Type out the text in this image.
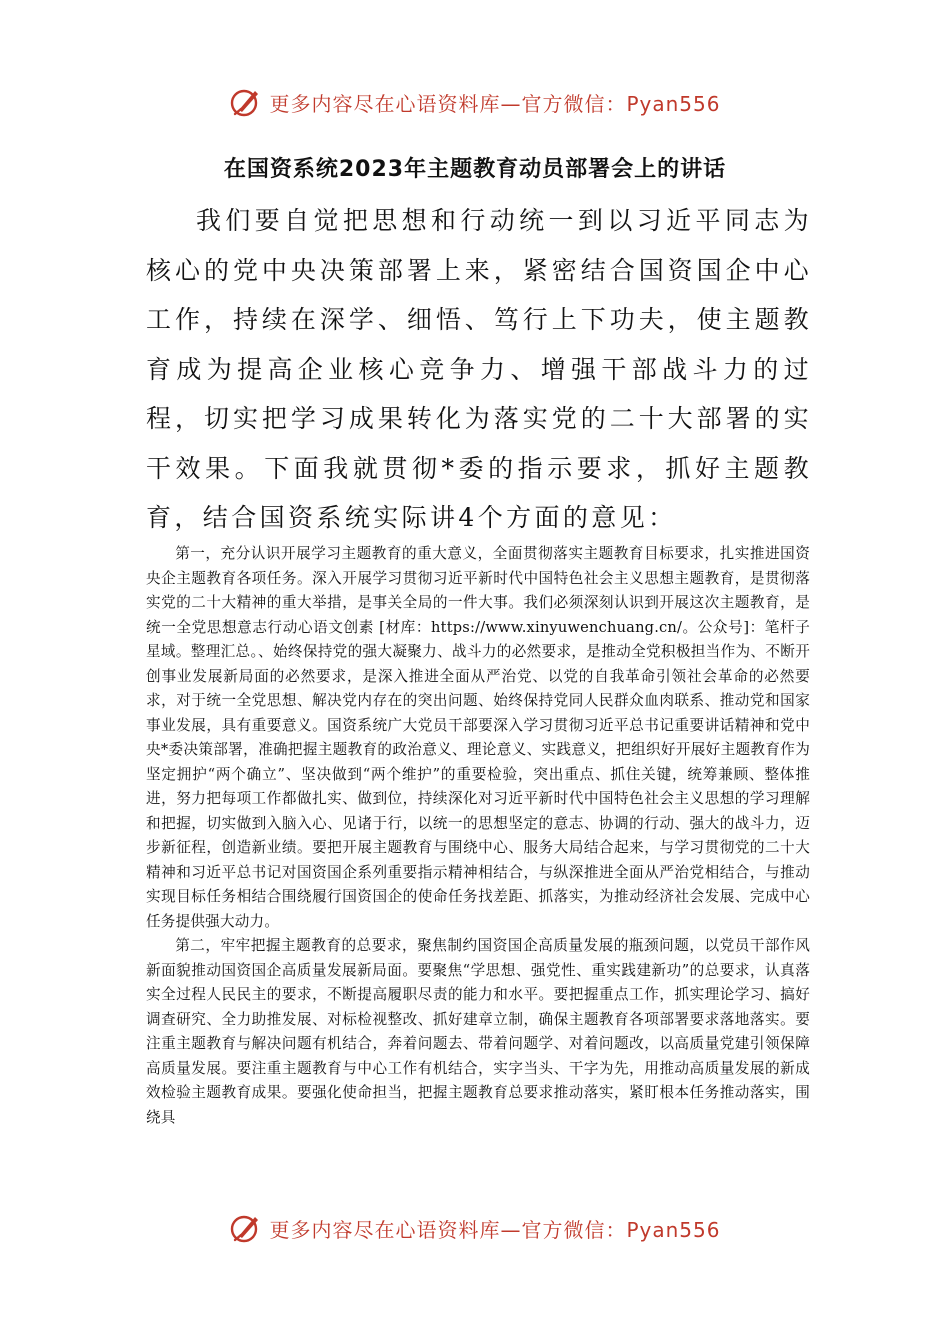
更多内容尽在心语资料库—官方微信：Pyan556
在国资系统2023年主题教育动员部署会上的讲话

我们要自觉把思想和行动统一到以习近平同志为核心的党中央决策部署上来，紧密结合国资国企中心工作，持续在深学、细悟、笃行上下功夫，使主题教育成为提高企业核心竞争力、增强干部战斗力的过程，切实把学习成果转化为落实党的二十大部署的实干效果。下面我就贯彻*委的指示要求，抓好主题教育，结合国资系统实际讲4个方面的意见：

第一，充分认识开展学习主题教育的重大意义，全面贯彻落实主题教育目标要求，扎实推进国资央企主题教育各项任务。深入开展学习贯彻习近平新时代中国特色社会主义思想主题教育，是贯彻落实党的二十大精神的重大举措，是事关全局的一件大事。我们必须深刻认识到开展这次主题教育，是统一全党思想意志行动心语文创素 [材库：https://www.xinyuwenchuang.cn/。公众号]：笔杆子星域。整理汇总。、始终保持党的强大凝聚力、战斗力的必然要求，是推动全党积极担当作为、不断开创事业发展新局面的必然要求，是深入推进全面从严治党、以党的自我革命引领社会革命的必然要求，对于统一全党思想、解决党内存在的突出问题、始终保持党同人民群众血肉联系、推动党和国家事业发展，具有重要意义。国资系统广大党员干部要深入学习贯彻习近平总书记重要讲话精神和党中央*委决策部署，准确把握主题教育的政治意义、理论意义、实践意义，把组织好开展好主题教育作为坚定拥护“两个确立”、坚决做到“两个维护”的重要检验，突出重点、抓住关键，统筹兼顾、整体推进，努力把每项工作都做扎实、做到位，持续深化对习近平新时代中国特色社会主义思想的学习理解和把握，切实做到入脑入心、见诸于行，以统一的思想坚定的意志、协调的行动、强大的战斗力，迈步新征程，创造新业绩。要把开展主题教育与围绕中心、服务大局结合起来，与学习贯彻党的二十大精神和习近平总书记对国资国企系列重要指示精神相结合，与纵深推进全面从严治党相结合，与推动实现目标任务相结合围绕履行国资国企的使命任务找差距、抓落实，为推动经济社会发展、完成中心任务提供强大动力。

第二，牢牢把握主题教育的总要求，聚焦制约国资国企高质量发展的瓶颈问题，以党员干部作风新面貌推动国资国企高质量发展新局面。要聚焦“学思想、强党性、重实践建新功”的总要求，认真落实全过程人民民主的要求，不断提高履职尽责的能力和水平。要把握重点工作，抓实理论学习、搞好调查研究、全力助推发展、对标检视整改、抓好建章立制，确保主题教育各项部署要求落地落实。要注重主题教育与解决问题有机结合，奔着问题去、带着问题学、对着问题改，以高质量党建引领保障高质量发展。要注重主题教育与中心工作有机结合，实字当头、干字为先，用推动高质量发展的新成效检验主题教育成果。要强化使命担当，把握主题教育总要求推动落实，紧盯根本任务推动落实，围绕具

更多内容尽在心语资料库—官方微信：Pyan556
